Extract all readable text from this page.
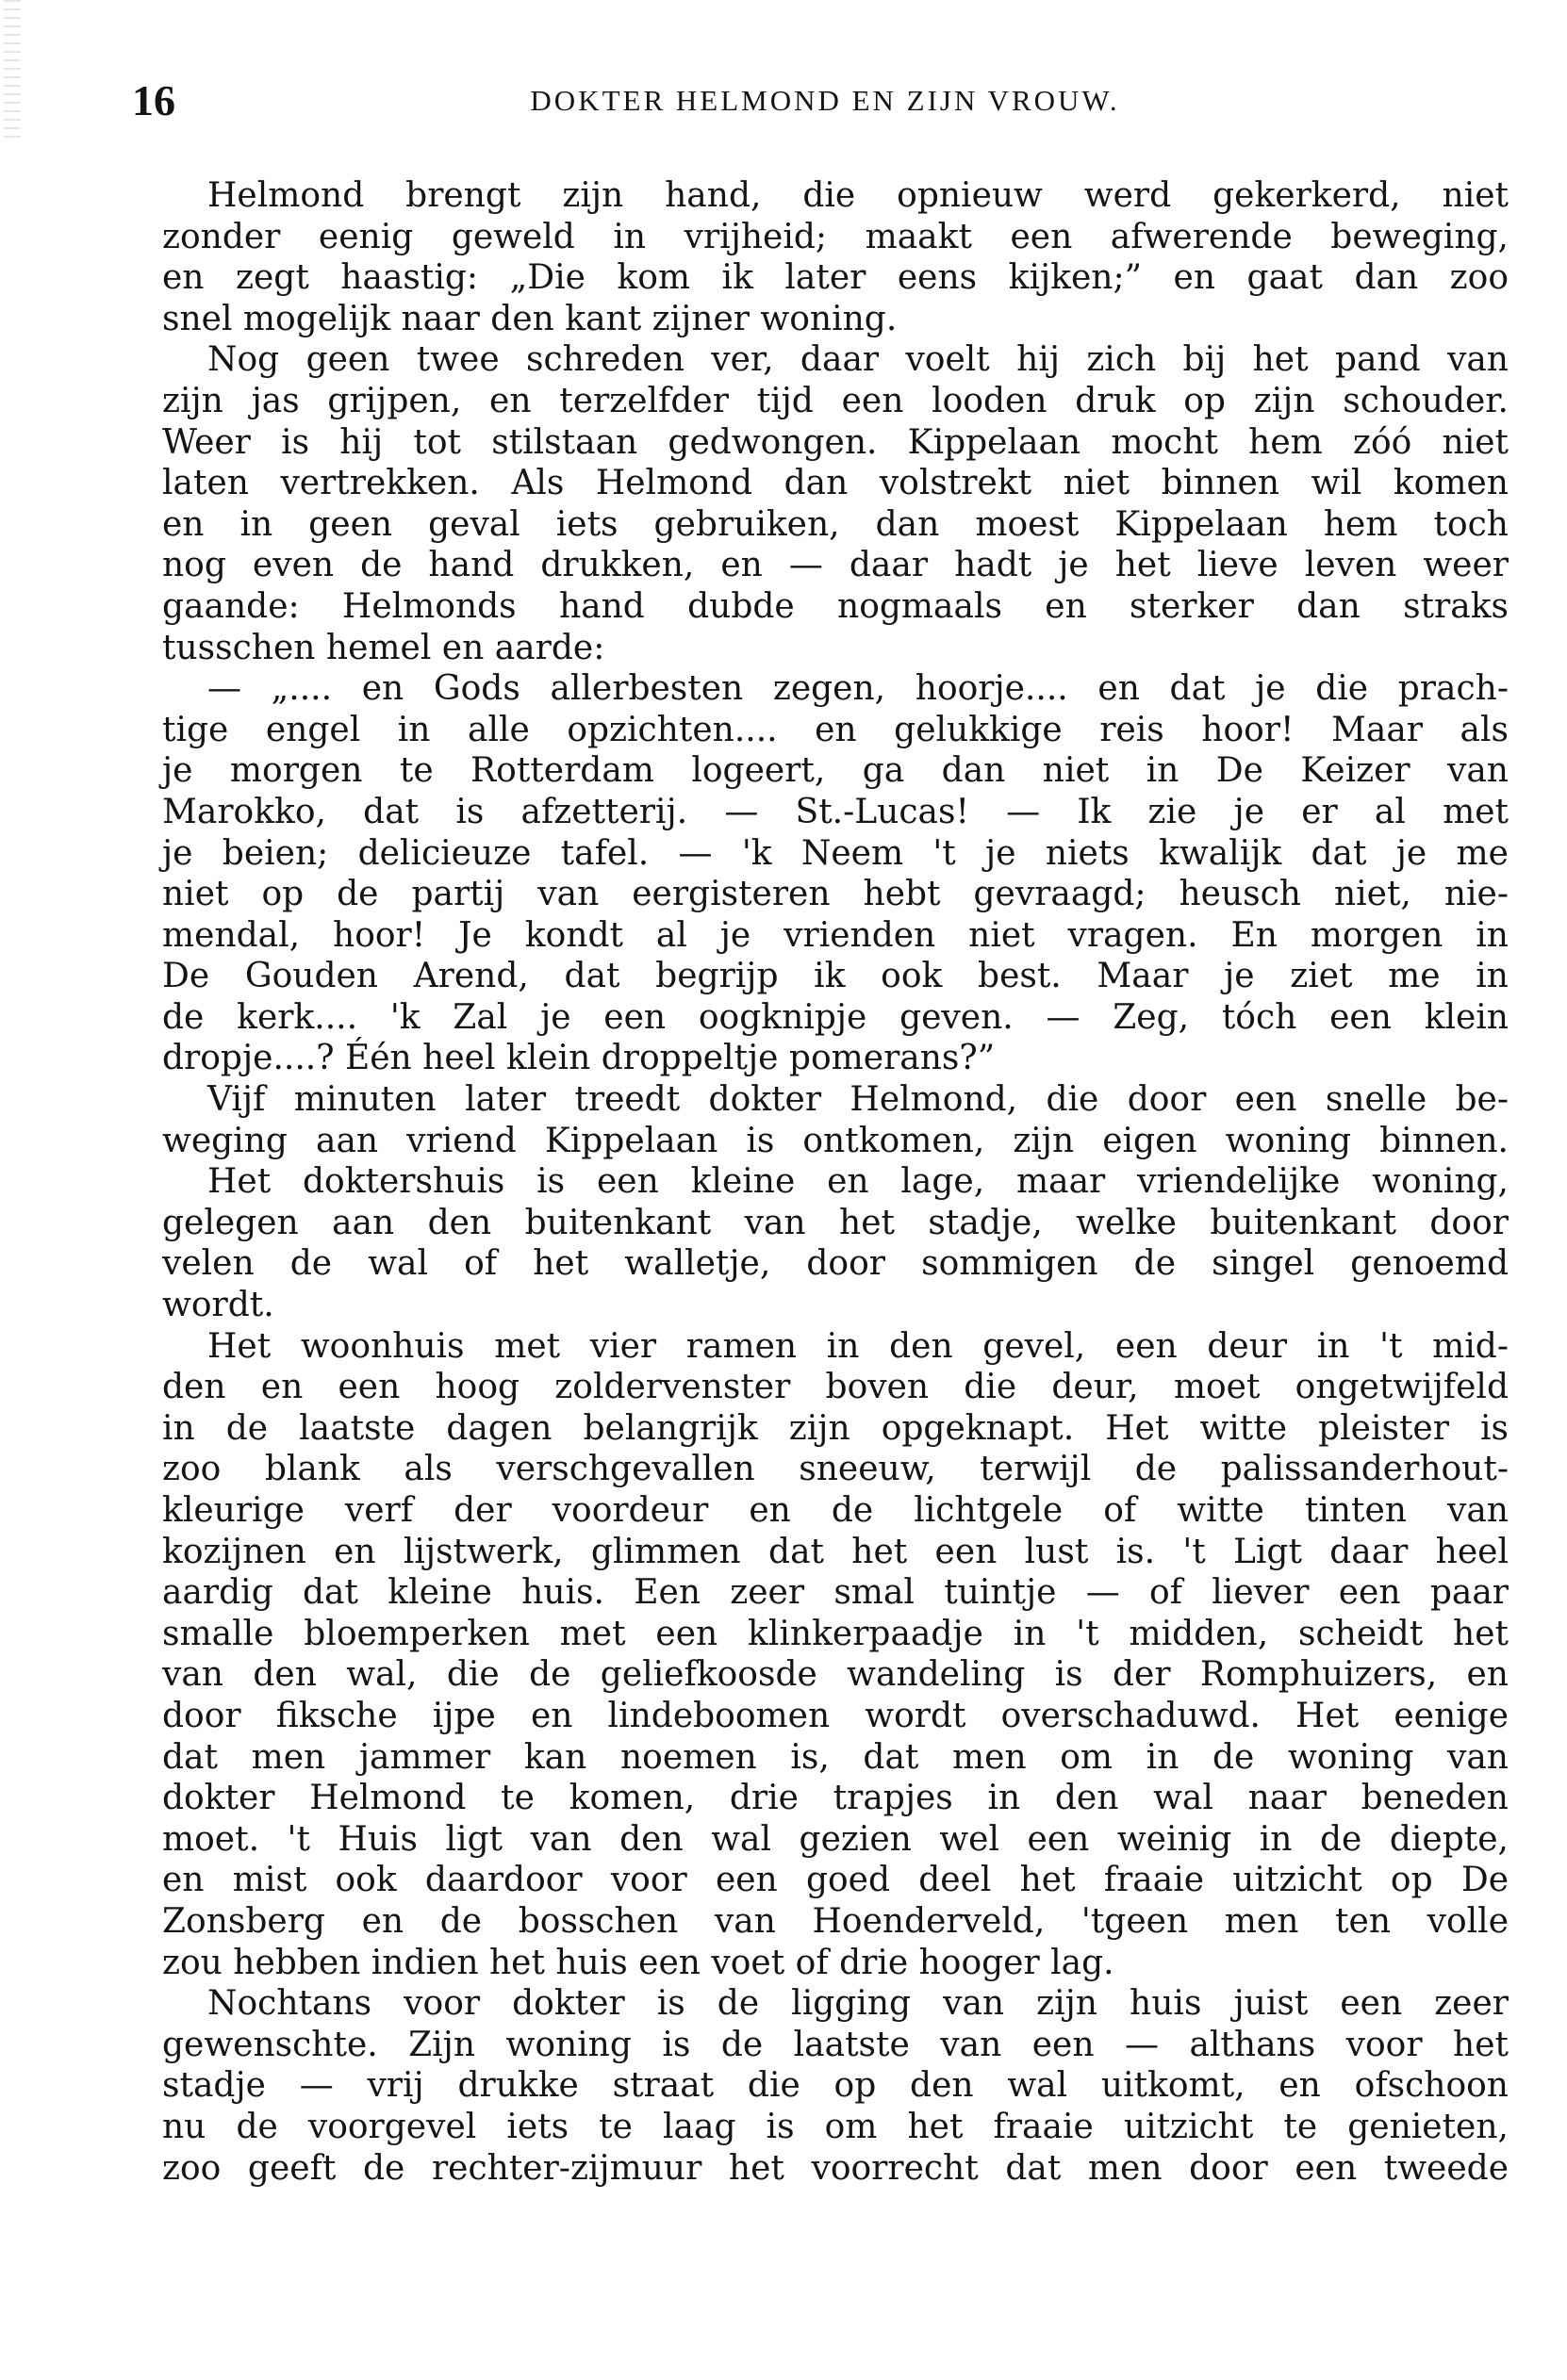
16	DOKTER HELMOND EN ZIJN VROUW.
Helmond brengt zijn hand, die opnieuw werd gekerkerd, niet
zonder eenig geweld in vrijheid; maakt een afwerende beweging,
en zegt haastig: „Die kom ik later eens kijken;” en gaat dan zoo
snel mogelijk naar den kant zijner woning.
Nog geen twee schreden ver, daar voelt hij zich bij het pand van
zijn jas grijpen, en terzelfder tijd een looden druk op zijn schouder.
Weer is hij tot stilstaan gedwongen. Kippelaan mocht hem zóó niet
laten vertrekken. Als Helmond dan volstrekt niet binnen wil komen
en in geen geval iets gebruiken, dan moest Kippelaan hem toch
nog even de hand drukken, en — daar hadt je het lieve leven weer
gaande: Helmonds hand dubde nogmaals en sterker dan straks
tusschen hemel en aarde:
— „.... en Gods allerbesten zegen, hoorje.... en dat je die prach-
tige engel in alle opzichten.... en gelukkige reis hoor! Maar als
je morgen te Rotterdam logeert, ga dan niet in De Keizer van
Marokko, dat is afzetterij. — St.-Lucas! — Ik zie je er al met
je beien; delicieuze tafel. — 'k Neem 't je niets kwalijk dat je me
niet op de partij van eergisteren hebt gevraagd; heusch niet, nie-
mendal, hoor! Je kondt al je vrienden niet vragen. En morgen in
De Gouden Arend, dat begrijp ik ook best. Maar je ziet me in
de kerk.... 'k Zal je een oogknipje geven. — Zeg, tóch een klein
dropje....? Één heel klein droppeltje pomerans?”
Vijf minuten later treedt dokter Helmond, die door een snelle be-
weging aan vriend Kippelaan is ontkomen, zijn eigen woning binnen.
Het doktershuis is een kleine en lage, maar vriendelijke woning,
gelegen aan den buitenkant van het stadje, welke buitenkant door
velen de wal of het walletje, door sommigen de singel genoemd
wordt.
Het woonhuis met vier ramen in den gevel, een deur in 't mid-
den en een hoog zoldervenster boven die deur, moet ongetwijfeld
in de laatste dagen belangrijk zijn opgeknapt. Het witte pleister is
zoo blank als verschgevallen sneeuw, terwijl de palissanderhout-
kleurige verf der voordeur en de lichtgele of witte tinten van
kozijnen en lijstwerk, glimmen dat het een lust is. 't Ligt daar heel
aardig dat kleine huis. Een zeer smal tuintje — of liever een paar
smalle bloemperken met een klinkerpaadje in 't midden, scheidt het
van den wal, die de geliefkoosde wandeling is der Romphuizers, en
door fiksche ijpe en lindeboomen wordt overschaduwd. Het eenige
dat men jammer kan noemen is, dat men om in de woning van
dokter Helmond te komen, drie trapjes in den wal naar beneden
moet. 't Huis ligt van den wal gezien wel een weinig in de diepte,
en mist ook daardoor voor een goed deel het fraaie uitzicht op De
Zonsberg en de bosschen van Hoenderveld, 'tgeen men ten volle
zou hebben indien het huis een voet of drie hooger lag.
Nochtans voor dokter is de ligging van zijn huis juist een zeer
gewenschte. Zijn woning is de laatste van een — althans voor het
stadje — vrij drukke straat die op den wal uitkomt, en ofschoon
nu de voorgevel iets te laag is om het fraaie uitzicht te genieten,
zoo geeft de rechter-zijmuur het voorrecht dat men door een tweede
